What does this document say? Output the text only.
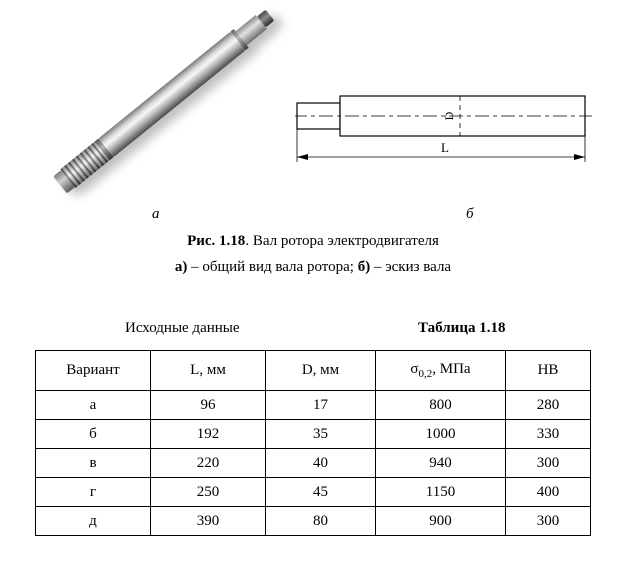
D
L
а	б
Рис. 1.18. Вал ротора электродвигателя
а) – общий вид вала ротора; б) – эскиз вала
Исходные данные	Таблица 1.18
Вариант	L, мм	D, мм	$\sigma_{0,2}$, МПа	НВ
а	96	17	800	280
б	192	35	1000	330
в	220	40	940	300
г	250	45	1150	400
д	390	80	900	300
